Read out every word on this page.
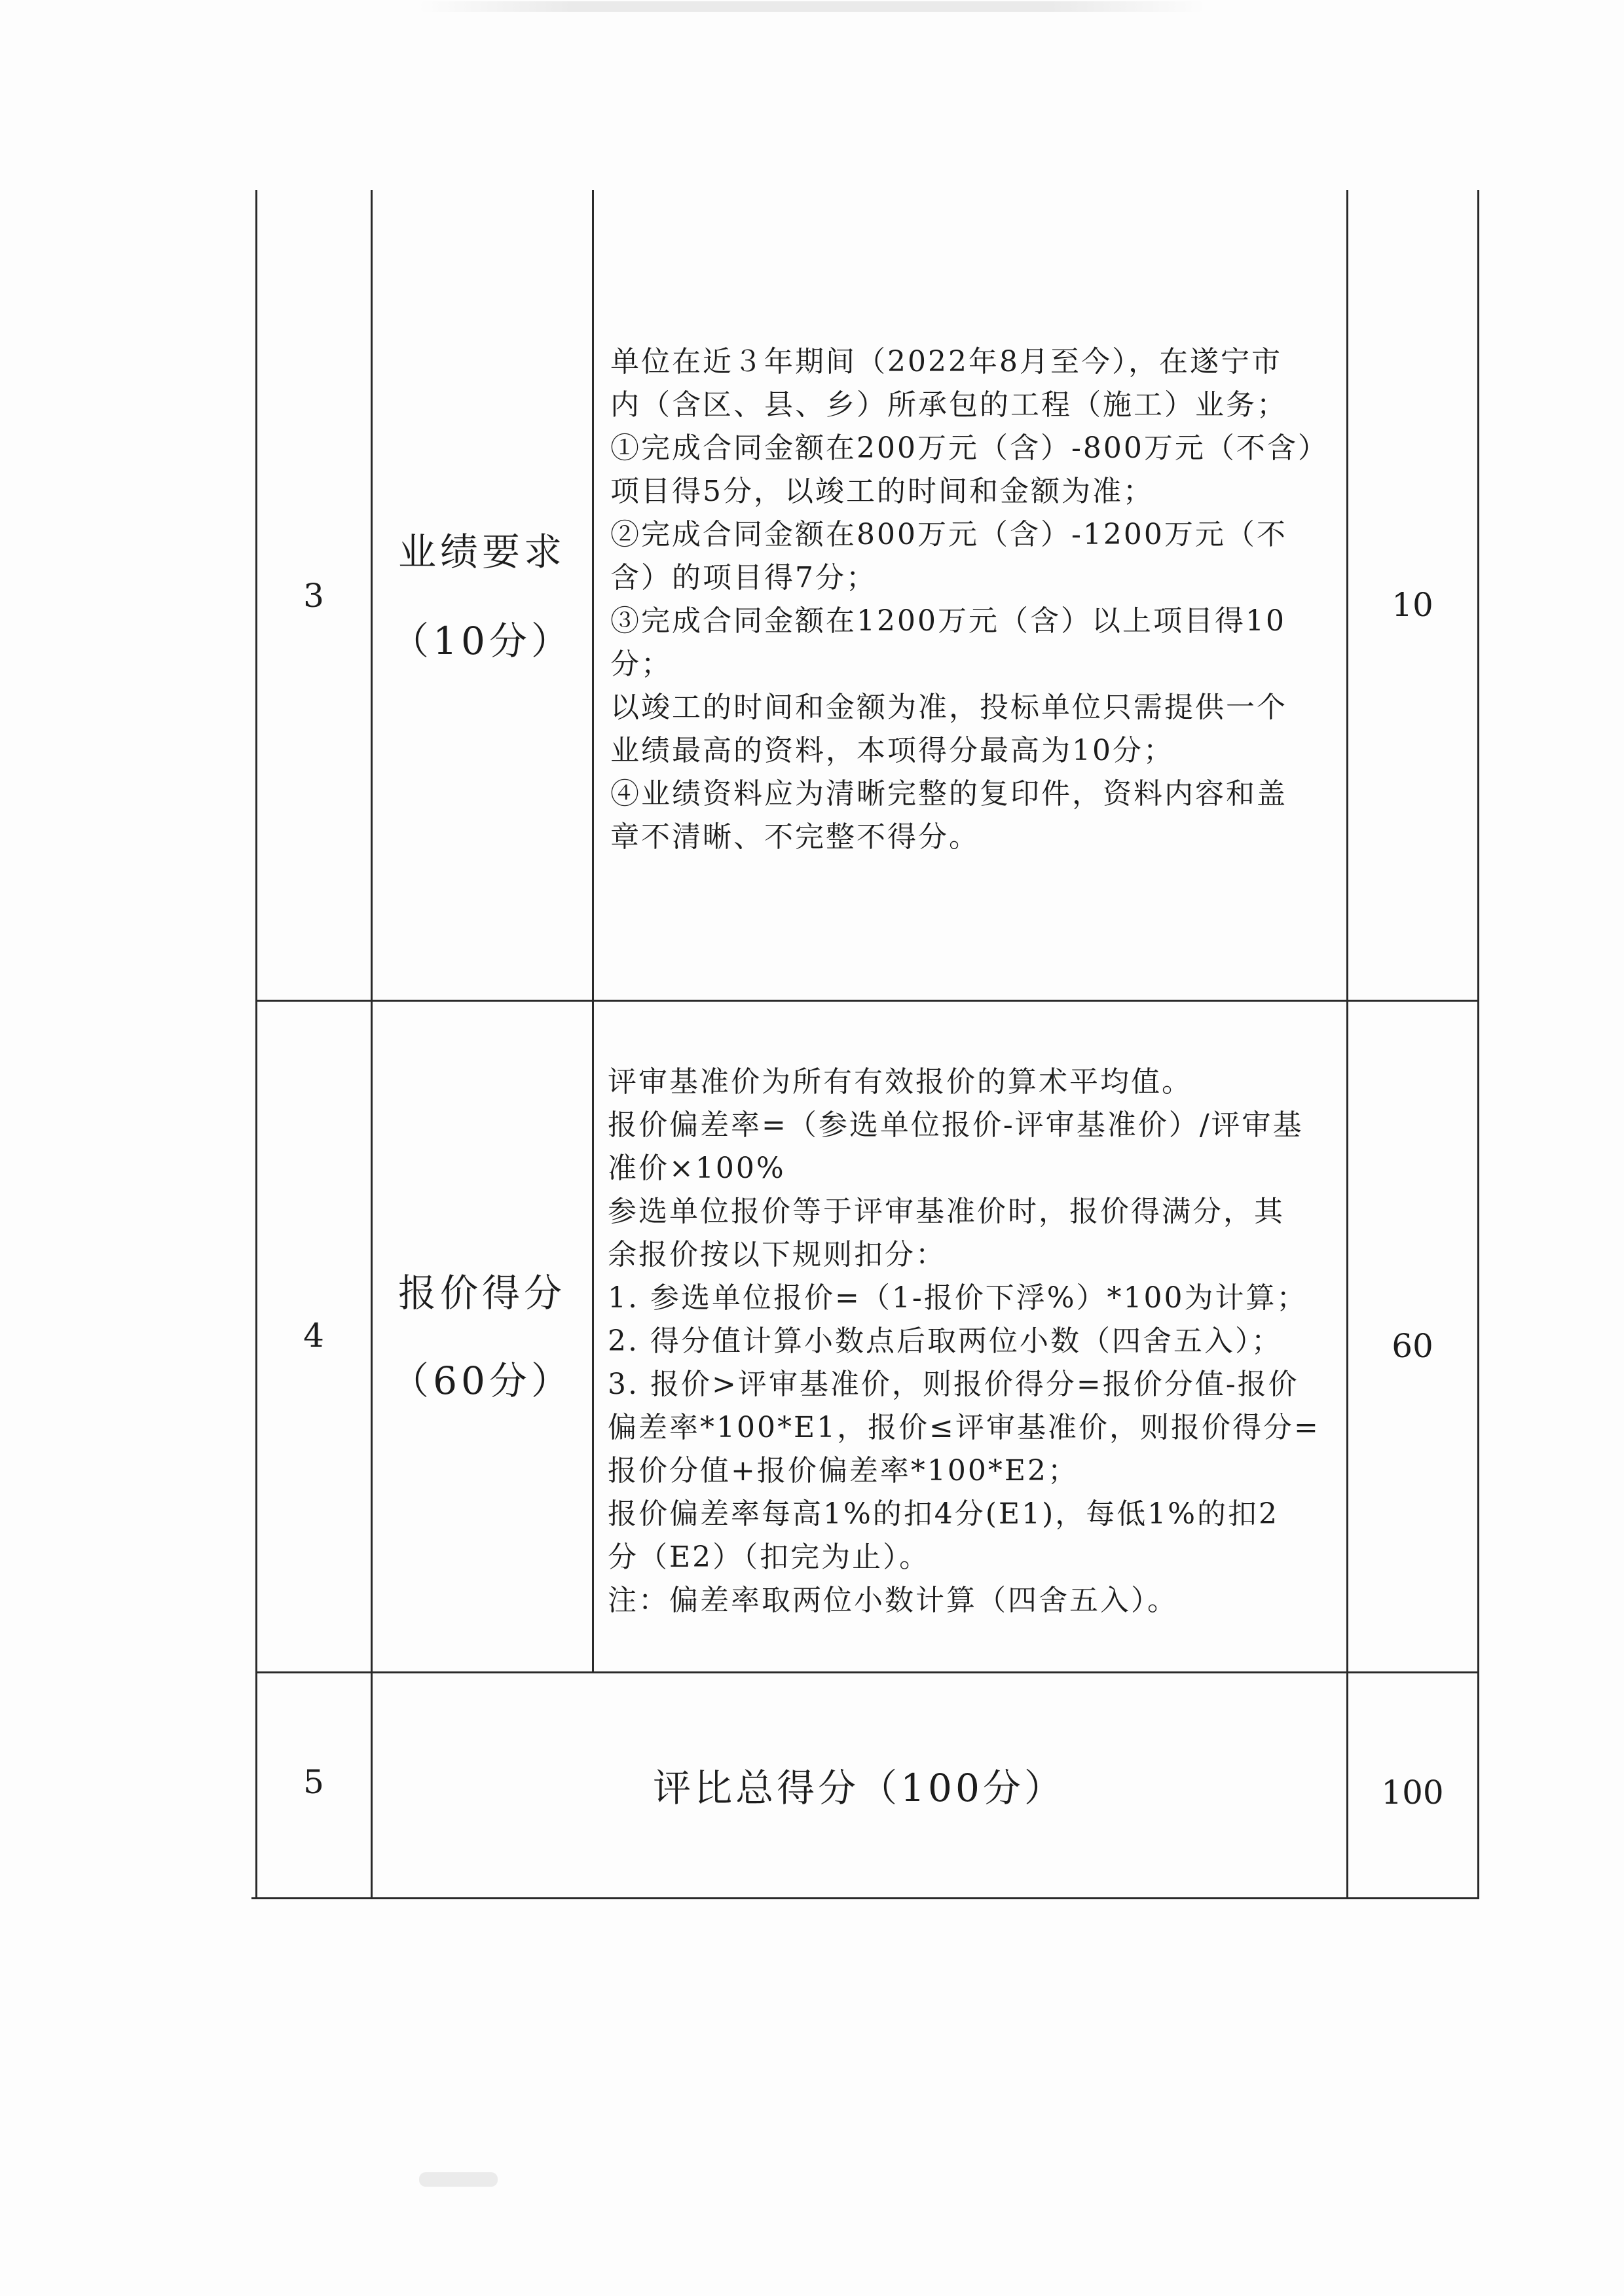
3
业绩要求
（10分）
单位在近３年期间（2022年8月至今），在遂宁市
内（含区、县、乡）所承包的工程（施工）业务；
①完成合同金额在200万元（含）-800万元（不含）
项目得5分，以竣工的时间和金额为准；
②完成合同金额在800万元（含）-1200万元（不
含）的项目得7分；
③完成合同金额在1200万元（含）以上项目得10
分；
以竣工的时间和金额为准，投标单位只需提供一个
业绩最高的资料，本项得分最高为10分；
④业绩资料应为清晰完整的复印件，资料内容和盖
章不清晰、不完整不得分。
10
4
报价得分
（60分）
评审基准价为所有有效报价的算术平均值。
报价偏差率=（参选单位报价-评审基准价）/评审基
准价×100%
参选单位报价等于评审基准价时，报价得满分，其
余报价按以下规则扣分：
1. 参选单位报价=（1-报价下浮%）*100为计算；
2. 得分值计算小数点后取两位小数（四舍五入）；
3. 报价>评审基准价，则报价得分=报价分值-报价
偏差率*100*E1，报价≤评审基准价，则报价得分=
报价分值+报价偏差率*100*E2；
报价偏差率每高1%的扣4分(E1)，每低1%的扣2
分（E2）（扣完为止）。
注：偏差率取两位小数计算（四舍五入）。
60
5	评比总得分（100分）	100
